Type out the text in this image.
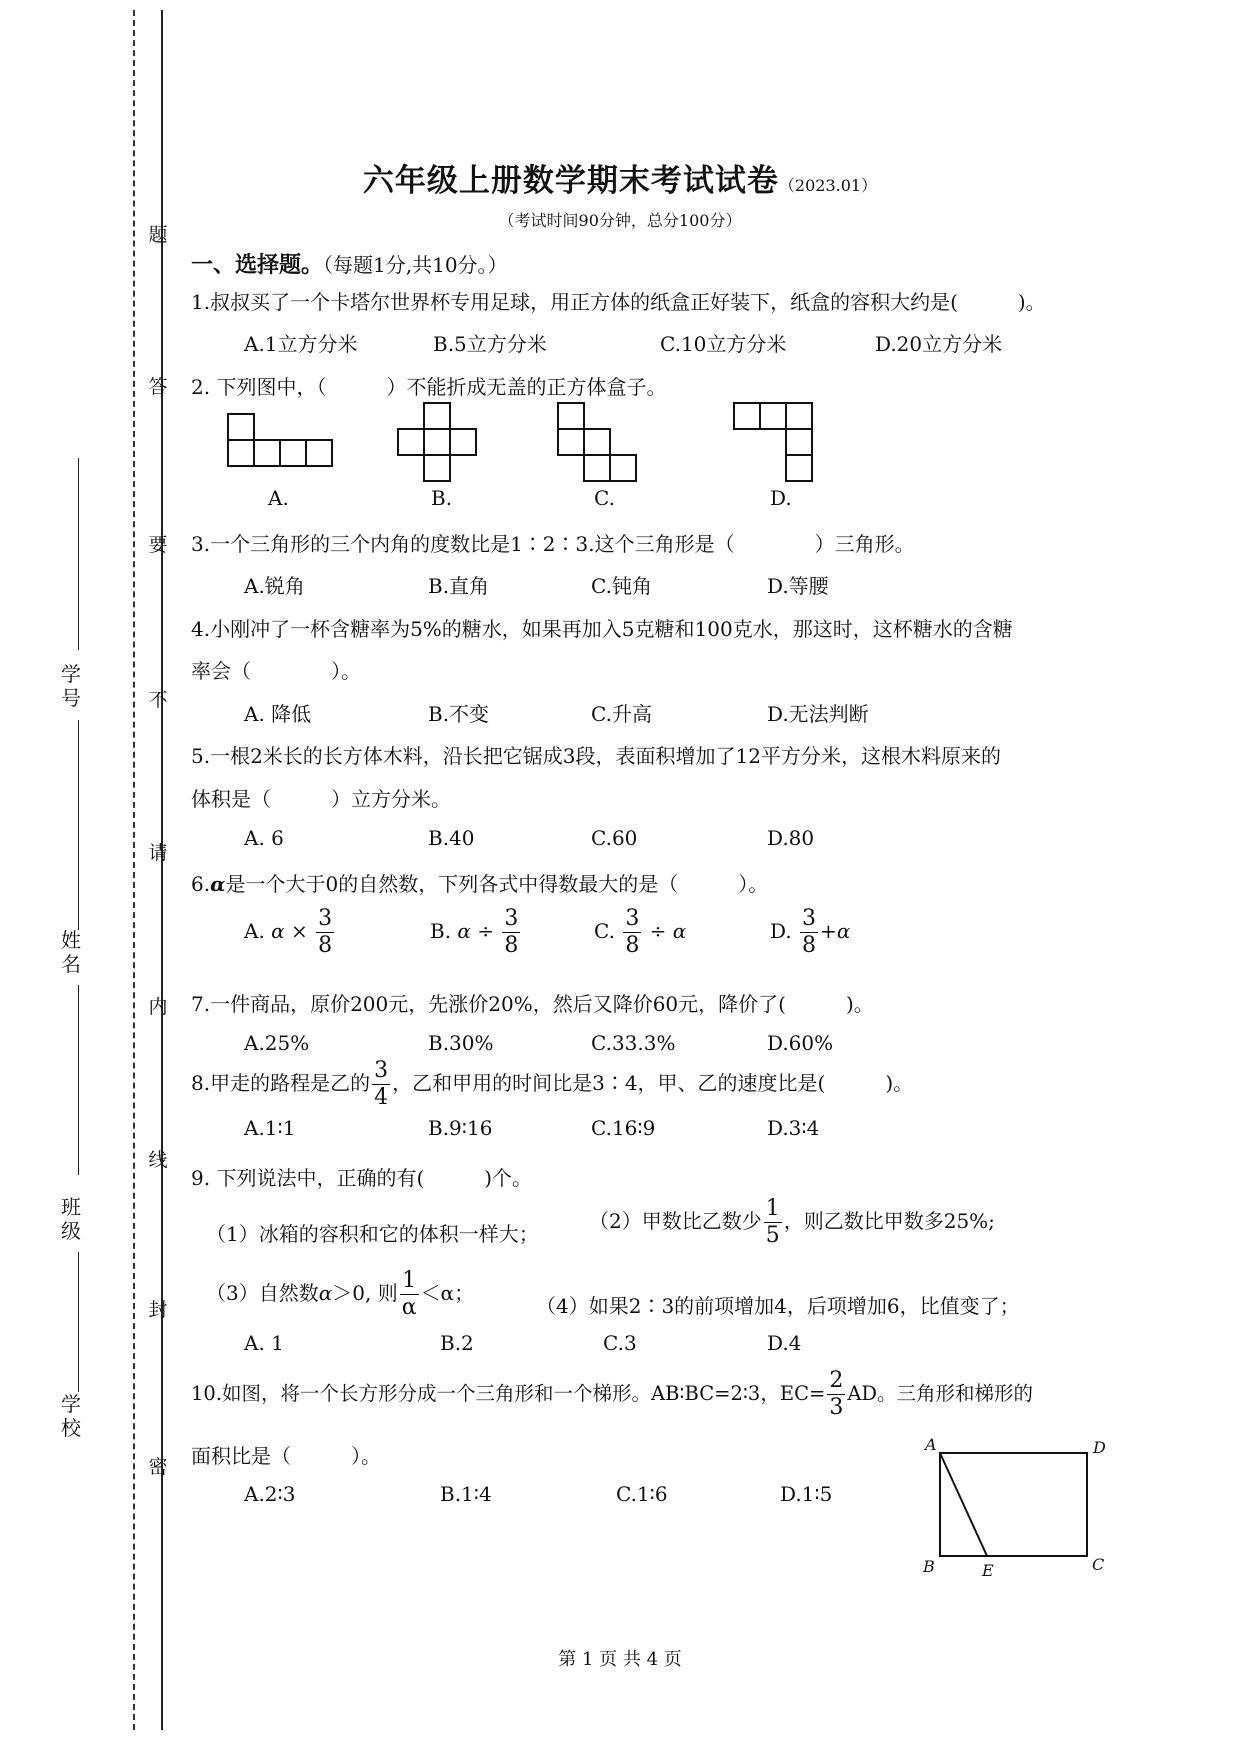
题
答
要
不
请
内
线
封
密
学号
姓名
班级
学校
六年级上册数学期末考试试卷（2023.01）
（考试时间90分钟，总分100分）
一、选择题。（每题1分,共10分。）
1.叔叔买了一个卡塔尔世界杯专用足球，用正方体的纸盒正好装下，纸盒的容积大约是(　　　)。
A.1立方分米	B.5立方分米	C.10立方分米	D.20立方分米
2. 下列图中，（　　　）不能折成无盖的正方体盒子。
A.	B.	C.	D.
3.一个三角形的三个内角的度数比是1∶2∶3.这个三角形是（　　　　）三角形。
A.锐角	B.直角	C.钝角	D.等腰
4.小刚冲了一杯含糖率为5%的糖水，如果再加入5克糖和100克水，那这时，这杯糖水的含糖
率会（　　　　）。
A. 降低	B.不变	C.升高	D.无法判断
5.一根2米长的长方体木料，沿长把它锯成3段，表面积增加了12平方分米，这根木料原来的
体积是（　　　）立方分米。
A. 6	B.40	C.60	D.80
6.α是一个大于0的自然数，下列各式中得数最大的是（　　　）。
A. $\alpha \times \frac{3}{8}$	B. $\alpha \div \frac{3}{8}$	C. $\frac{3}{8} \div \alpha$	D. $\frac{3}{8} +\alpha$
7.一件商品，原价200元，先涨价20%，然后又降价60元，降价了(　　　)。
A.25%	B.30%	C.33.3%	D.60%
8.甲走的路程是乙的 $\frac{3}{4}$ ，乙和甲用的时间比是3∶4，甲、乙的速度比是(　　　)。
A.1∶1	B.9∶16	C.16∶9	D.3∶4
9. 下列说法中，正确的有(　　　)个。
（1）冰箱的容积和它的体积一样大；
（2）甲数比乙数少 $\frac{1}{5}$ ，则乙数比甲数多25%;
（3）自然数α＞0, 则 $\frac{1}{\alpha} <\alpha$；
（4）如果2∶3的前项增加4，后项增加6，比值变了；
A. 1	B.2	C.3	D.4
10.如图，将一个长方形分成一个三角形和一个梯形。AB∶BC=2∶3，$EC= \frac{2}{3}$ AD。三角形和梯形的
面积比是（　　　）。
A.2∶3	B.1∶4	C.1∶6	D.1∶5
A	D
B	E	C
第 1 页 共 4 页
